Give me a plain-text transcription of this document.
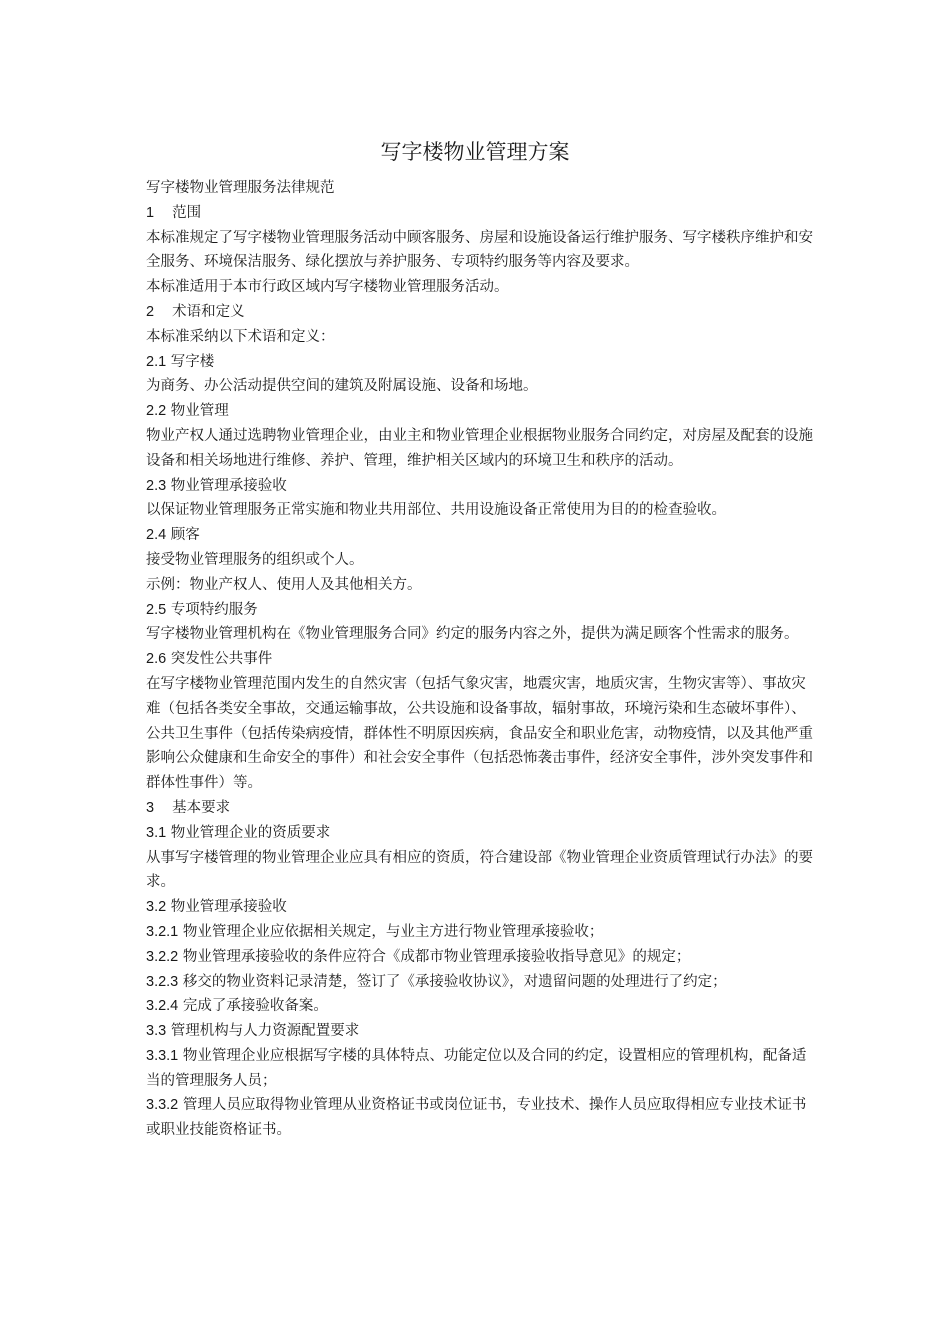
写字楼物业管理方案

写字楼物业管理服务法律规范

1 范围

本标准规定了写字楼物业管理服务活动中顾客服务、房屋和设施设备运行维护服务、写字楼秩序维护和安全服务、环境保洁服务、绿化摆放与养护服务、专项特约服务等内容及要求。

本标准适用于本市行政区域内写字楼物业管理服务活动。

2 术语和定义

本标准采纳以下术语和定义：

2.1 写字楼

为商务、办公活动提供空间的建筑及附属设施、设备和场地。

2.2 物业管理

物业产权人通过选聘物业管理企业，由业主和物业管理企业根据物业服务合同约定，对房屋及配套的设施设备和相关场地进行维修、养护、管理，维护相关区域内的环境卫生和秩序的活动。

2.3 物业管理承接验收

以保证物业管理服务正常实施和物业共用部位、共用设施设备正常使用为目的的检查验收。

2.4 顾客

接受物业管理服务的组织或个人。

示例：物业产权人、使用人及其他相关方。

2.5 专项特约服务

写字楼物业管理机构在《物业管理服务合同》约定的服务内容之外，提供为满足顾客个性需求的服务。

2.6 突发性公共事件

在写字楼物业管理范围内发生的自然灾害（包括气象灾害，地震灾害，地质灾害，生物灾害等）、事故灾难（包括各类安全事故，交通运输事故，公共设施和设备事故，辐射事故，环境污染和生态破坏事件）、公共卫生事件（包括传染病疫情，群体性不明原因疾病，食品安全和职业危害，动物疫情，以及其他严重影响公众健康和生命安全的事件）和社会安全事件（包括恐怖袭击事件，经济安全事件，涉外突发事件和群体性事件）等。

3 基本要求

3.1 物业管理企业的资质要求

从事写字楼管理的物业管理企业应具有相应的资质，符合建设部《物业管理企业资质管理试行办法》的要求。

3.2 物业管理承接验收

3.2.1 物业管理企业应依据相关规定，与业主方进行物业管理承接验收；

3.2.2 物业管理承接验收的条件应符合《成都市物业管理承接验收指导意见》的规定；

3.2.3 移交的物业资料记录清楚，签订了《承接验收协议》，对遗留问题的处理进行了约定；

3.2.4 完成了承接验收备案。

3.3 管理机构与人力资源配置要求

3.3.1 物业管理企业应根据写字楼的具体特点、功能定位以及合同的约定，设置相应的管理机构，配备适当的管理服务人员；

3.3.2 管理人员应取得物业管理从业资格证书或岗位证书，专业技术、操作人员应取得相应专业技术证书或职业技能资格证书。
